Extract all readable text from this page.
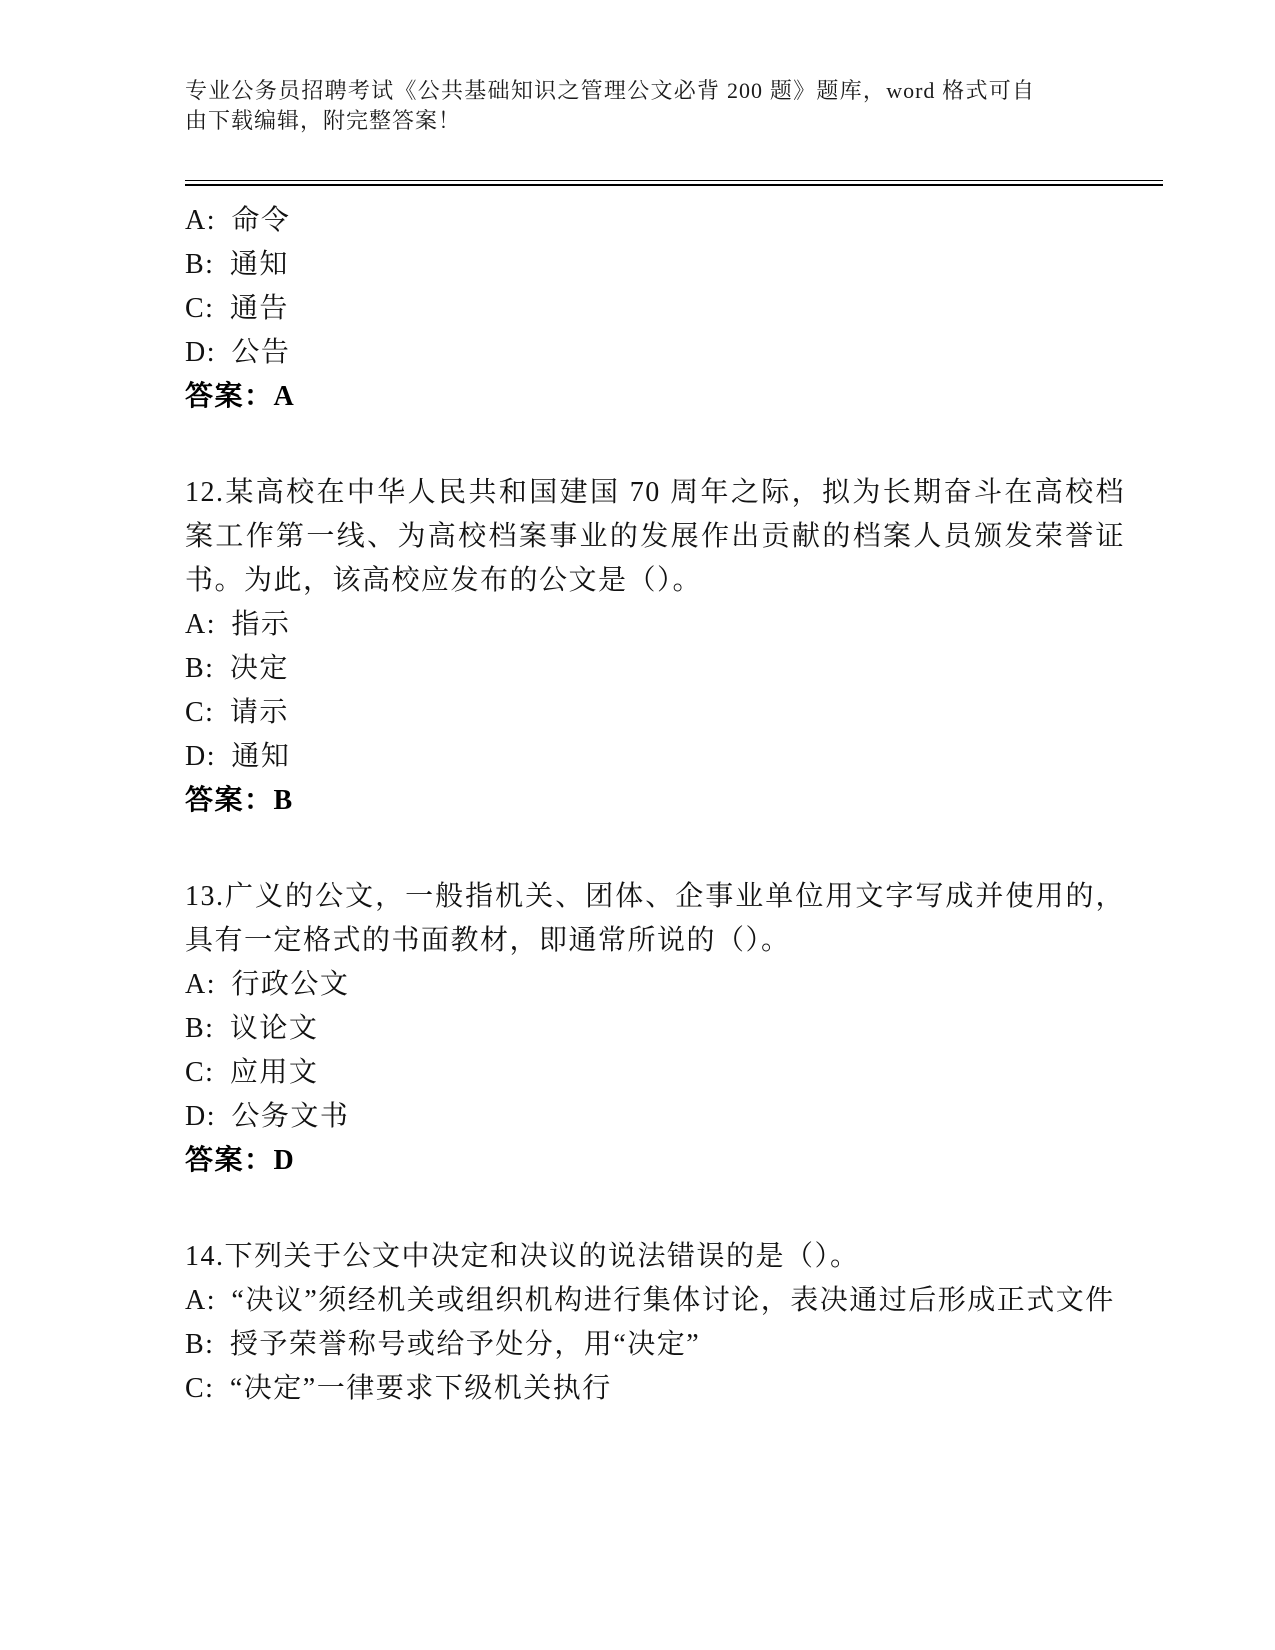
专业公务员招聘考试《公共基础知识之管理公文必背 200 题》题库，word 格式可自由下载编辑，附完整答案！

A: 命令

B: 通知

C: 通告

D: 公告

答案：A

12.某高校在中华人民共和国建国 70 周年之际，拟为长期奋斗在高校档案工作第一线、为高校档案事业的发展作出贡献的档案人员颁发荣誉证书。为此，该高校应发布的公文是（）。

A: 指示

B: 决定

C: 请示

D: 通知

答案：B

13.广义的公文，一般指机关、团体、企事业单位用文字写成并使用的，具有一定格式的书面教材，即通常所说的（）。

A: 行政公文

B: 议论文

C: 应用文

D: 公务文书

答案：D

14.下列关于公文中决定和决议的说法错误的是（）。

A: “决议”须经机关或组织机构进行集体讨论，表决通过后形成正式文件

B: 授予荣誉称号或给予处分，用“决定”

C: “决定”一律要求下级机关执行
